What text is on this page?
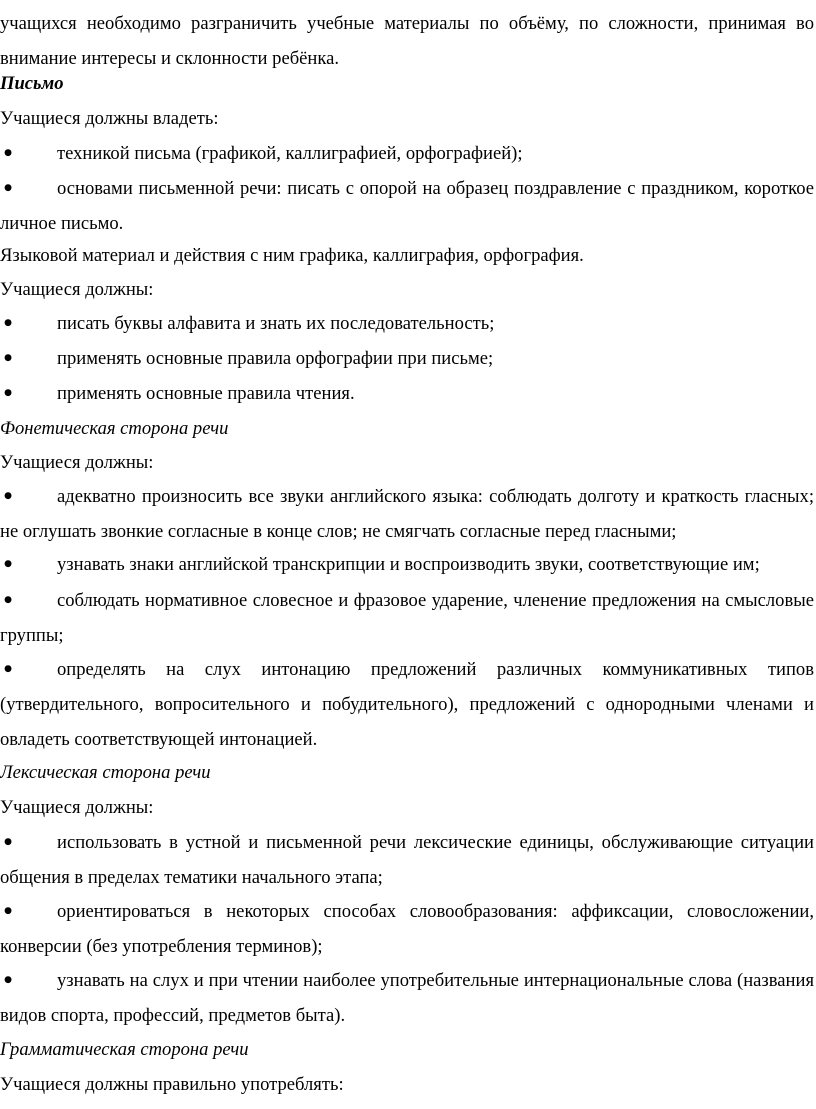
учащихся необходимо разграничить учебные материалы по объёму, по сложности, принимая во внимание интересы и склонности ребёнка.
Письмо
Учащиеся должны владеть:
●	техникой письма (графикой, каллиграфией, орфографией);
●	основами письменной речи: писать с опорой на образец поздравление с праздником, короткое личное письмо.
Языковой материал и действия с ним графика, каллиграфия, орфография.
Учащиеся должны:
●	писать буквы алфавита и знать их последовательность;
●	применять основные правила орфографии при письме;
●	применять основные правила чтения.
Фонетическая сторона речи
Учащиеся должны:
●	адекватно произносить все звуки английского языка: соблюдать долготу и краткость гласных; не оглушать звонкие согласные в конце слов; не смягчать согласные перед гласными;
●	узнавать знаки английской транскрипции и воспроизводить звуки, соответствующие им;
●	соблюдать нормативное словесное и фразовое ударение, членение предложения на смысловые группы;
●	определять на слух интонацию предложений различных коммуникативных типов (утвердительного, вопросительного и побудительного), предложений с однородными членами и овладеть соответствующей интонацией.
Лексическая сторона речи
Учащиеся должны:
●	использовать в устной и письменной речи лексические единицы, обслуживающие ситуации общения в пределах тематики начального этапа;
●	ориентироваться в некоторых способах словообразования: аффиксации, словосложении, конверсии (без употребления терминов);
●	узнавать на слух и при чтении наиболее употребительные интернациональные слова (названия видов спорта, профессий, предметов быта).
Грамматическая сторона речи
Учащиеся должны правильно употреблять:
